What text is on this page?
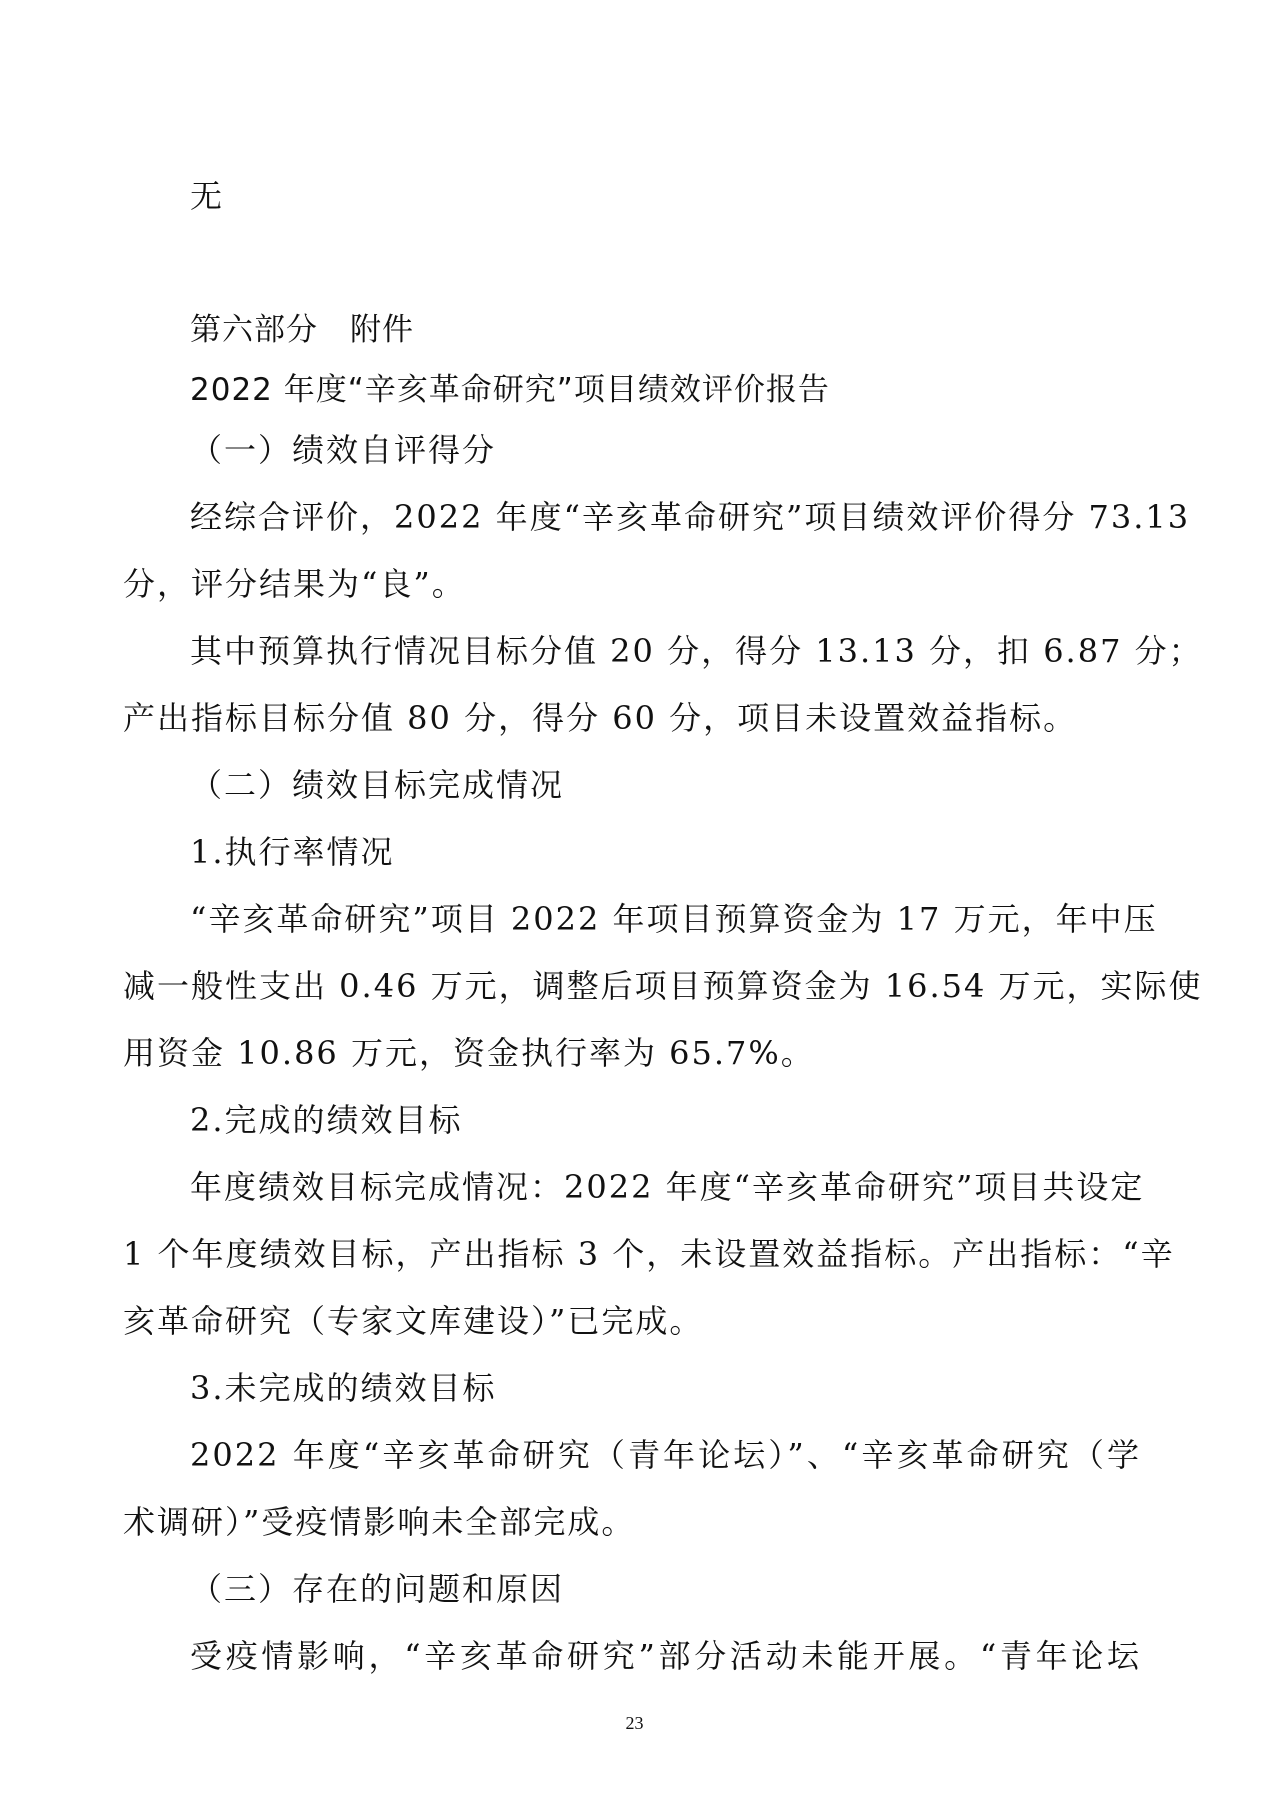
无
第六部分　附件
2022 年度“辛亥革命研究”项目绩效评价报告
（一）绩效自评得分
经综合评价，2022 年度“辛亥革命研究”项目绩效评价得分 73.13
分，评分结果为“良”。
其中预算执行情况目标分值 20 分，得分 13.13 分，扣 6.87 分；
产出指标目标分值 80 分，得分 60 分，项目未设置效益指标。
（二）绩效目标完成情况
1.执行率情况
“辛亥革命研究”项目 2022 年项目预算资金为 17 万元，年中压
减一般性支出 0.46 万元，调整后项目预算资金为 16.54 万元，实际使
用资金 10.86 万元，资金执行率为 65.7%。
2.完成的绩效目标
年度绩效目标完成情况：2022 年度“辛亥革命研究”项目共设定
1 个年度绩效目标，产出指标 3 个，未设置效益指标。产出指标：“辛
亥革命研究（专家文库建设）”已完成。
3.未完成的绩效目标
2022 年度“辛亥革命研究（青年论坛）”、“辛亥革命研究（学
术调研）”受疫情影响未全部完成。
（三）存在的问题和原因
受疫情影响，“辛亥革命研究”部分活动未能开展。“青年论坛
23
